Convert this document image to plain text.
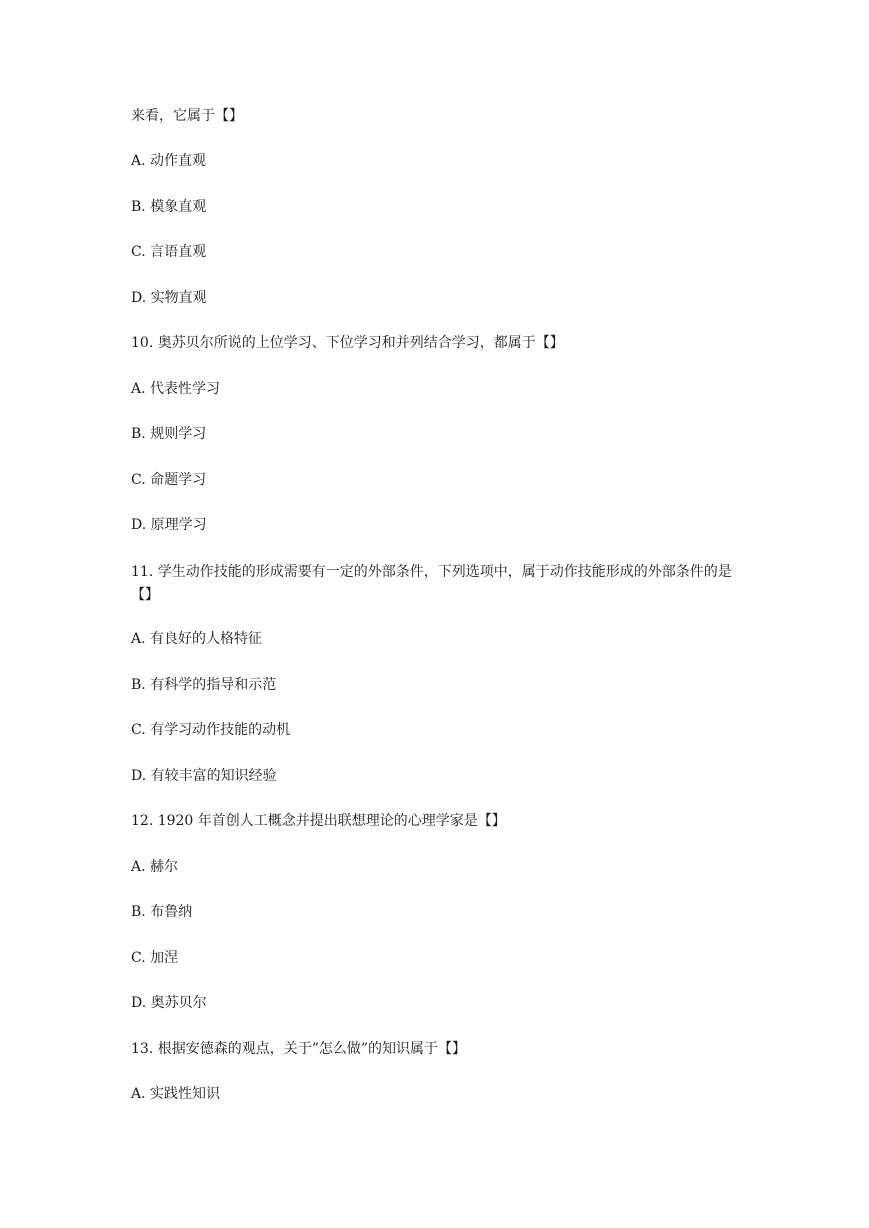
来看，它属于【】
A. 动作直观
B. 模象直观
C. 言语直观
D. 实物直观
10. 奥苏贝尔所说的上位学习、下位学习和并列结合学习，都属于【】
A. 代表性学习
B. 规则学习
C. 命题学习
D. 原理学习
11. 学生动作技能的形成需要有一定的外部条件，下列选项中，属于动作技能形成的外部条件的是【】
A. 有良好的人格特征
B. 有科学的指导和示范
C. 有学习动作技能的动机
D. 有较丰富的知识经验
12. 1920 年首创人工概念并提出联想理论的心理学家是【】
A. 赫尔
B. 布鲁纳
C. 加涅
D. 奥苏贝尔
13. 根据安德森的观点，关于”怎么做”的知识属于【】
A. 实践性知识
